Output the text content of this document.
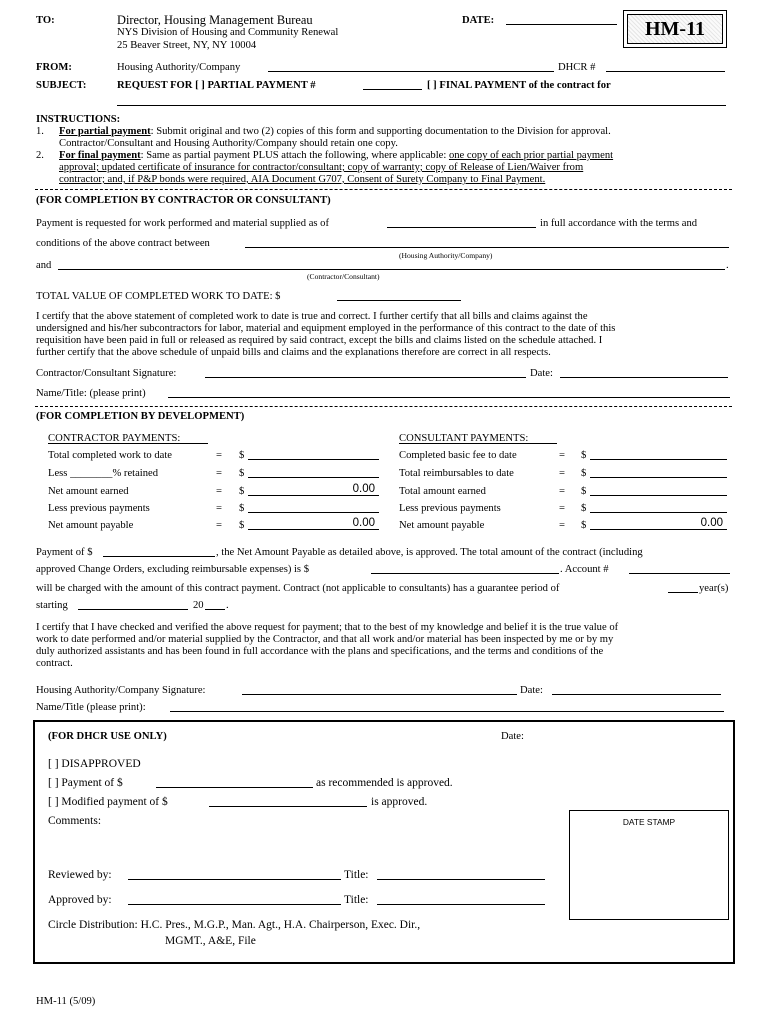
TO:	Director, Housing Management Bureau
NYS Division of Housing and Community Renewal
25 Beaver Street, NY, NY 10004
DATE:	HM-11
FROM:	Housing Authority/Company	DHCR #
SUBJECT:	REQUEST FOR [ ] PARTIAL PAYMENT #	[ ] FINAL PAYMENT of the contract for
INSTRUCTIONS:
1. For partial payment: Submit original and two (2) copies of this form and supporting documentation to the Division for approval.
Contractor/Consultant and Housing Authority/Company should retain one copy.
2. For final payment: Same as partial payment PLUS attach the following, where applicable: one copy of each prior partial payment
approval; updated certificate of insurance for contractor/consultant; copy of warranty; copy of Release of Lien/Waiver from
contractor; and, if P&P bonds were required, AIA Document G707, Consent of Surety Company to Final Payment.
(FOR COMPLETION BY CONTRACTOR OR CONSULTANT)
Payment is requested for work performed and material supplied as of	in full accordance with the terms and
conditions of the above contract between
(Housing Authority/Company)
and	.
(Contractor/Consultant)
TOTAL VALUE OF COMPLETED WORK TO DATE: $
I certify that the above statement of completed work to date is true and correct. I further certify that all bills and claims against the
undersigned and his/her subcontractors for labor, material and equipment employed in the performance of this contract to the date of this
requisition have been paid in full or released as required by said contract, except the bills and claims listed on the schedule attached. I
further certify that the above schedule of unpaid bills and claims and the explanations therefore are correct in all respects.
Contractor/Consultant Signature:	Date:
Name/Title: (please print)
(FOR COMPLETION BY DEVELOPMENT)
CONTRACTOR PAYMENTS:	CONSULTANT PAYMENTS:
Total completed work to date	= $
Less ________% retained	= $
Net amount earned	= $	0.00
Less previous payments	= $
Net amount payable	= $	0.00
Completed basic fee to date	= $
Total reimbursables to date	= $
Total amount earned	= $
Less previous payments	= $
Net amount payable	= $	0.00
Payment of $	, the Net Amount Payable as detailed above, is approved. The total amount of the contract (including
approved Change Orders, excluding reimbursable expenses) is $	. Account #
will be charged with the amount of this contract payment. Contract (not applicable to consultants) has a guarantee period of	year(s)
starting	20 .
I certify that I have checked and verified the above request for payment; that to the best of my knowledge and belief it is the true value of
work to date performed and/or material supplied by the Contractor, and that all work and/or material has been inspected by me or by my
duly authorized assistants and has been found in full accordance with the plans and specifications, and the terms and conditions of the
contract.
Housing Authority/Company Signature:	Date:
Name/Title (please print):
(FOR DHCR USE ONLY)	Date:
[ ] DISAPPROVED
[ ] Payment of $	as recommended is approved.
[ ] Modified payment of $	is approved.
Comments:	DATE STAMP
Reviewed by:	Title:
Approved by:	Title:
Circle Distribution: H.C. Pres., M.G.P., Man. Agt., H.A. Chairperson, Exec. Dir.,
MGMT., A&E, File
HM-11 (5/09)
